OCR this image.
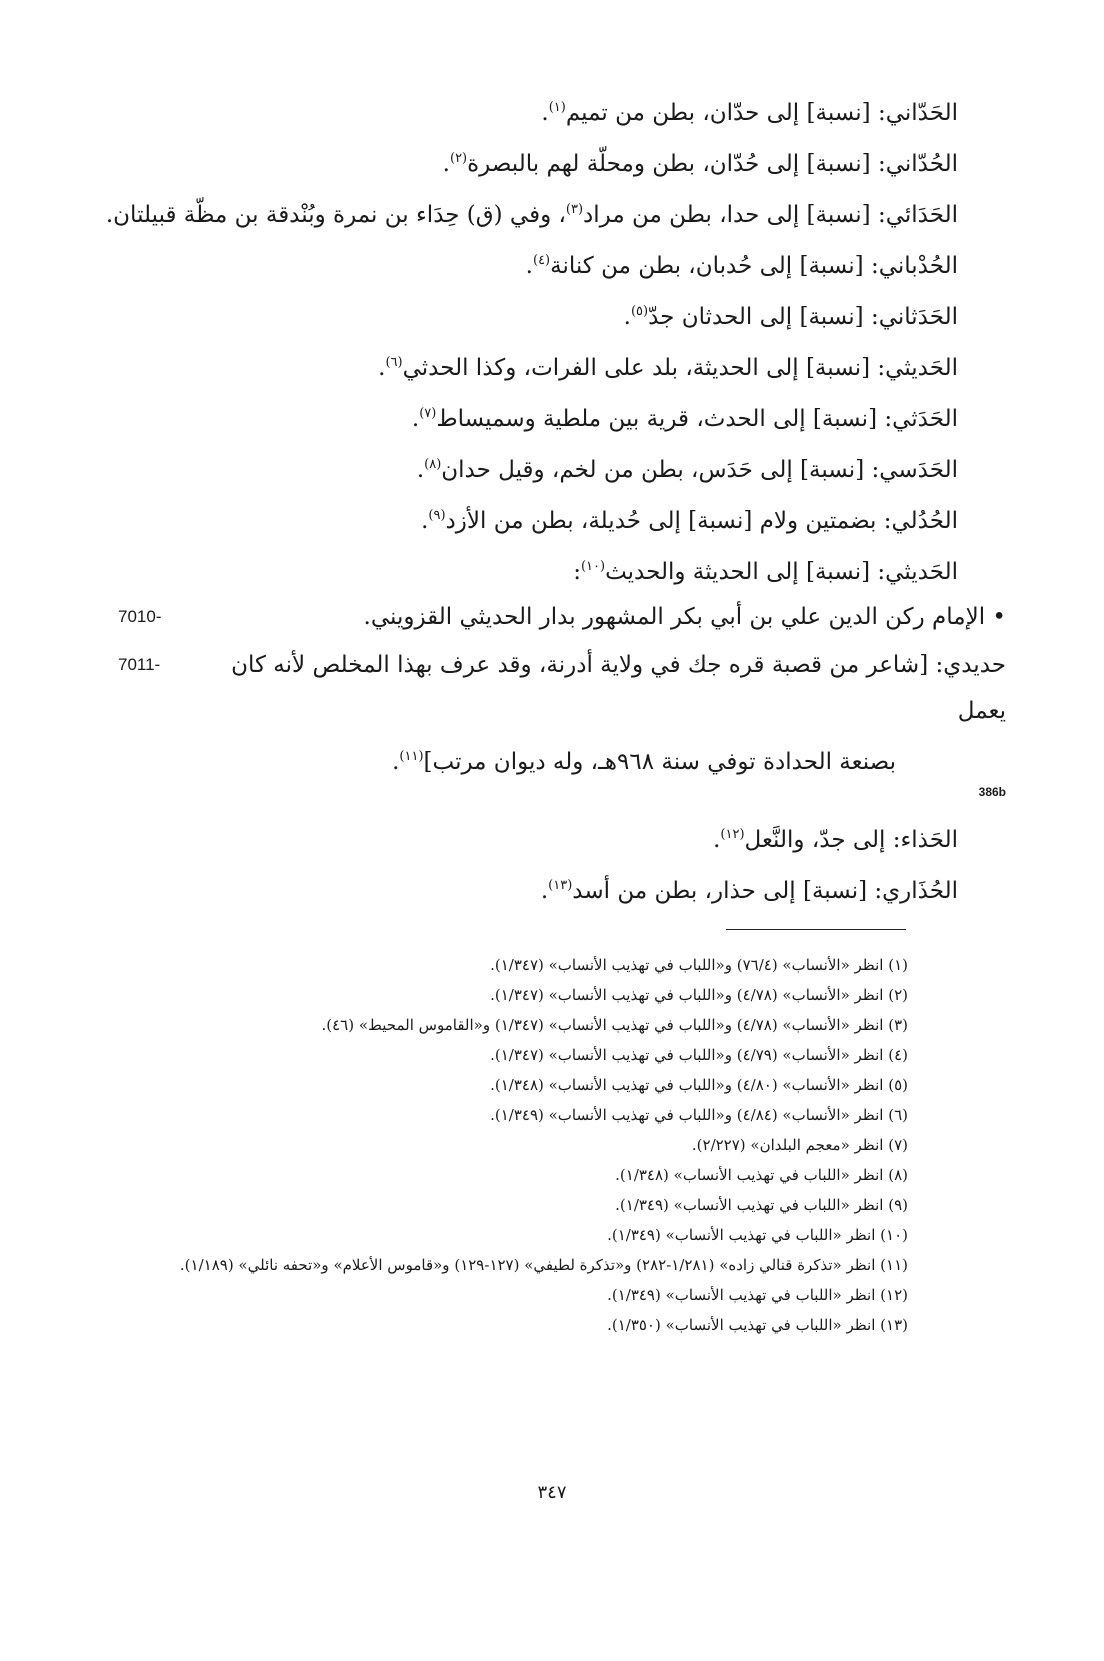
الحَدّاني: [نسبة] إلى حدّان، بطن من تميم$^{(١)}$.
الحُدّاني: [نسبة] إلى حُدّان، بطن ومحلّة لهم بالبصرة$^{(٢)}$.
الحَدَائي: [نسبة] إلى حدا، بطن من مراد$^{(٣)}$، وفي (ق) حِدَاء بن نمرة وبُنْدقة بن مظّة قبيلتان.
الحُدْباني: [نسبة] إلى حُدبان، بطن من كنانة$^{(٤)}$.
الحَدَثاني: [نسبة] إلى الحدثان جدّ$^{(٥)}$.
الحَديثي: [نسبة] إلى الحديثة، بلد على الفرات، وكذا الحدثي$^{(٦)}$.
الحَدَثي: [نسبة] إلى الحدث، قرية بين ملطية وسميساط$^{(٧)}$.
الحَدَسي: [نسبة] إلى حَدَس، بطن من لخم، وقيل حدان$^{(٨)}$.
الحُدُلي: بضمتين ولام [نسبة] إلى حُديلة، بطن من الأزد$^{(٩)}$.
الحَديثي: [نسبة] إلى الحديثة والحديث$^{(١٠)}$:
• الإمام ركن الدين علي بن أبي بكر المشهور بدار الحديثي القزويني.
7010-
حديدي: [شاعر من قصبة قره جك في ولاية أدرنة، وقد عرف بهذا المخلص لأنه كان يعمل
بصنعة الحدادة توفي سنة ٩٦٨هـ، وله ديوان مرتب]$^{(١١)}$.
7011-
386b
الحَذاء: إلى جدّ، والنَّعل$^{(١٢)}$.
الحُذَاري: [نسبة] إلى حذار، بطن من أسد$^{(١٣)}$.
(١) انظر «الأنساب» (٧٦/٤) و«اللباب في تهذيب الأنساب» (١/٣٤٧).
(٢) انظر «الأنساب» (٤/٧٨) و«اللباب في تهذيب الأنساب» (١/٣٤٧).
(٣) انظر «الأنساب» (٤/٧٨) و«اللباب في تهذيب الأنساب» (١/٣٤٧) و«القاموس المحيط» (٤٦).
(٤) انظر «الأنساب» (٤/٧٩) و«اللباب في تهذيب الأنساب» (١/٣٤٧).
(٥) انظر «الأنساب» (٤/٨٠) و«اللباب في تهذيب الأنساب» (١/٣٤٨).
(٦) انظر «الأنساب» (٤/٨٤) و«اللباب في تهذيب الأنساب» (١/٣٤٩).
(٧) انظر «معجم البلدان» (٢/٢٢٧).
(٨) انظر «اللباب في تهذيب الأنساب» (١/٣٤٨).
(٩) انظر «اللباب في تهذيب الأنساب» (١/٣٤٩).
(١٠) انظر «اللباب في تهذيب الأنساب» (١/٣٤٩).
(١١) انظر «تذكرة قنالي زاده» (١/٢٨١-٢٨٢) و«تذكرة لطيفي» (١٢٧-١٢٩) و«قاموس الأعلام» و«تحفه نائلي» (١/١٨٩).
(١٢) انظر «اللباب في تهذيب الأنساب» (١/٣٤٩).
(١٣) انظر «اللباب في تهذيب الأنساب» (١/٣٥٠).
٣٤٧
